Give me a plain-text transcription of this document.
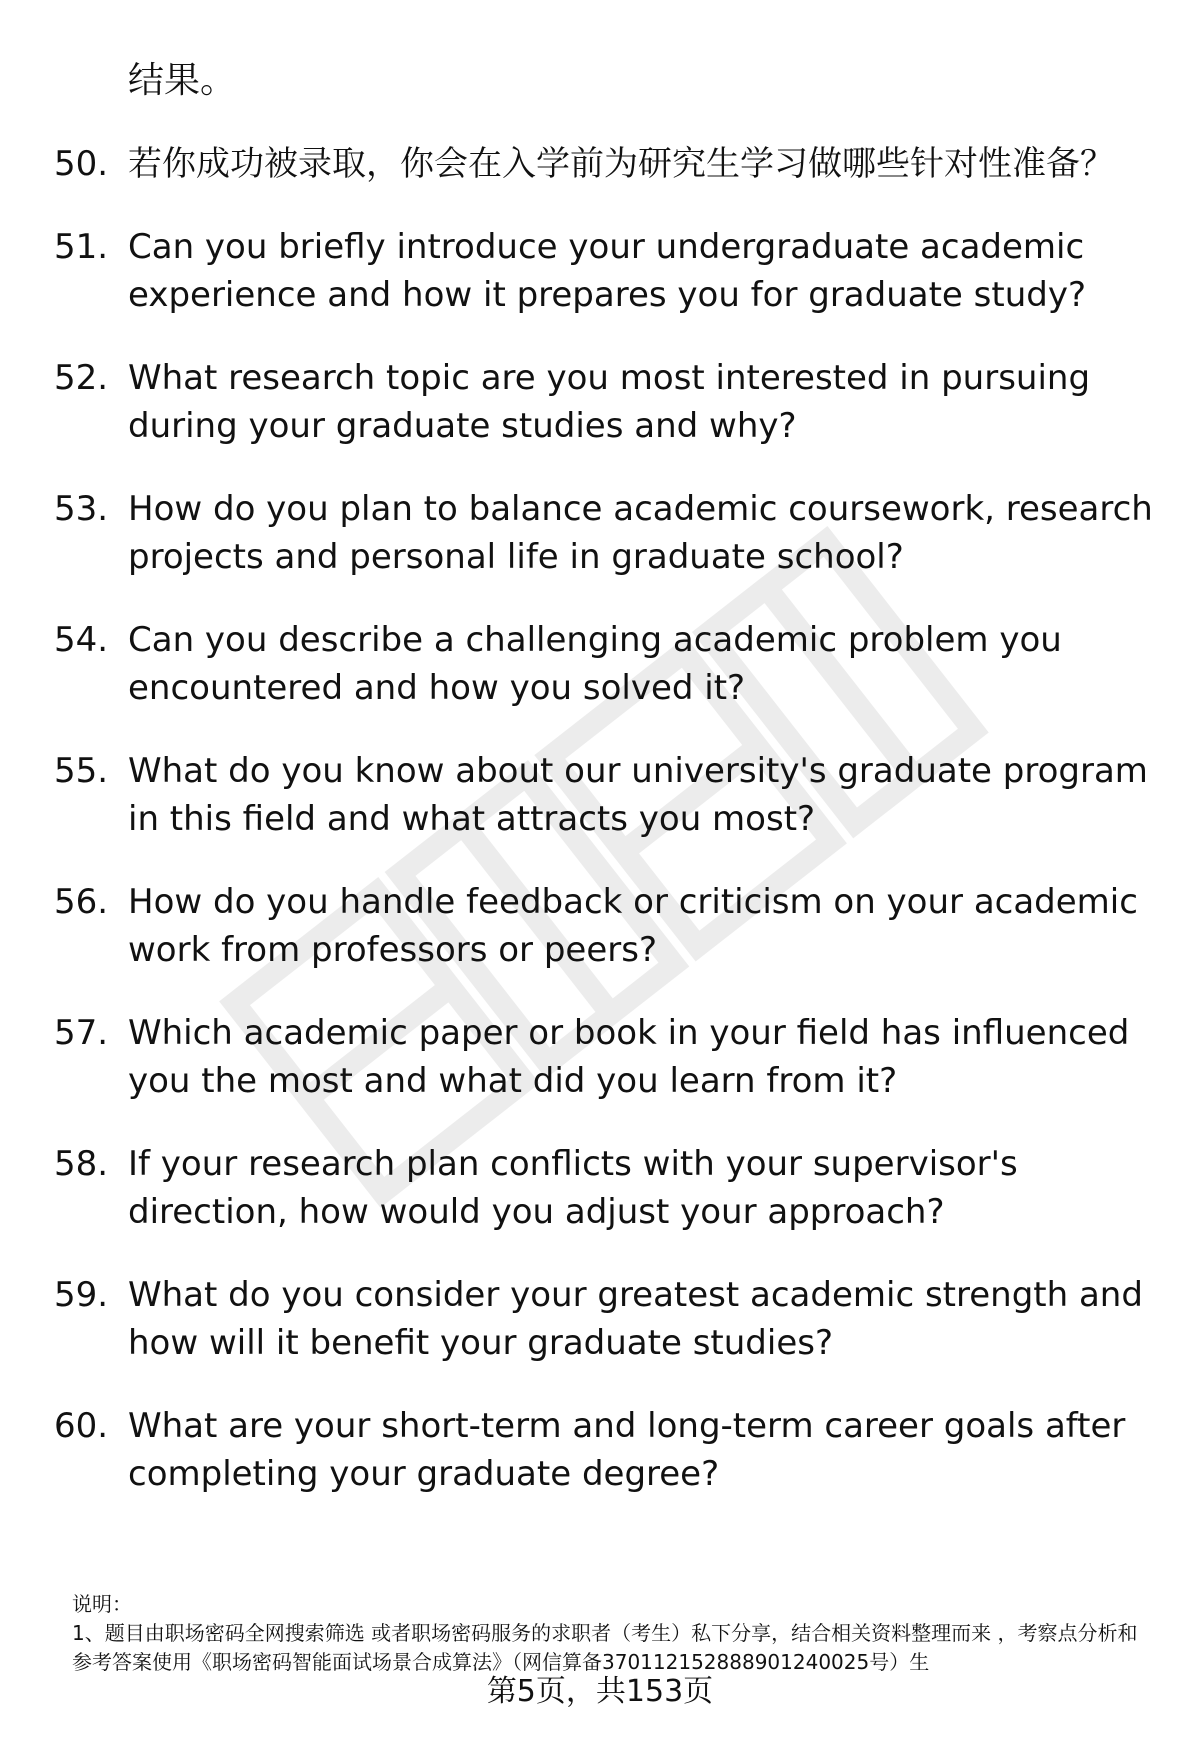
结果。

50. 若你成功被录取，你会在入学前为研究生学习做哪些针对性准备？
51. Can you briefly introduce your undergraduate academic experience and how it prepares you for graduate study?
52. What research topic are you most interested in pursuing during your graduate studies and why?
53. How do you plan to balance academic coursework, research projects and personal life in graduate school?
54. Can you describe a challenging academic problem you encountered and how you solved it?
55. What do you know about our university's graduate program in this field and what attracts you most?
56. How do you handle feedback or criticism on your academic work from professors or peers?
57. Which academic paper or book in your field has influenced you the most and what did you learn from it?
58. If your research plan conflicts with your supervisor's direction, how would you adjust your approach?
59. What do you consider your greatest academic strength and how will it benefit your graduate studies?
60. What are your short-term and long-term career goals after completing your graduate degree?

说明：

1、题目由职场密码全网搜索筛选 或者职场密码服务的求职者（考生）私下分享，结合相关资料整理而来 ，考察点分析和参考答案使用《职场密码智能面试场景合成算法》（网信算备370112152888901240025号）生

第5页，共153页
